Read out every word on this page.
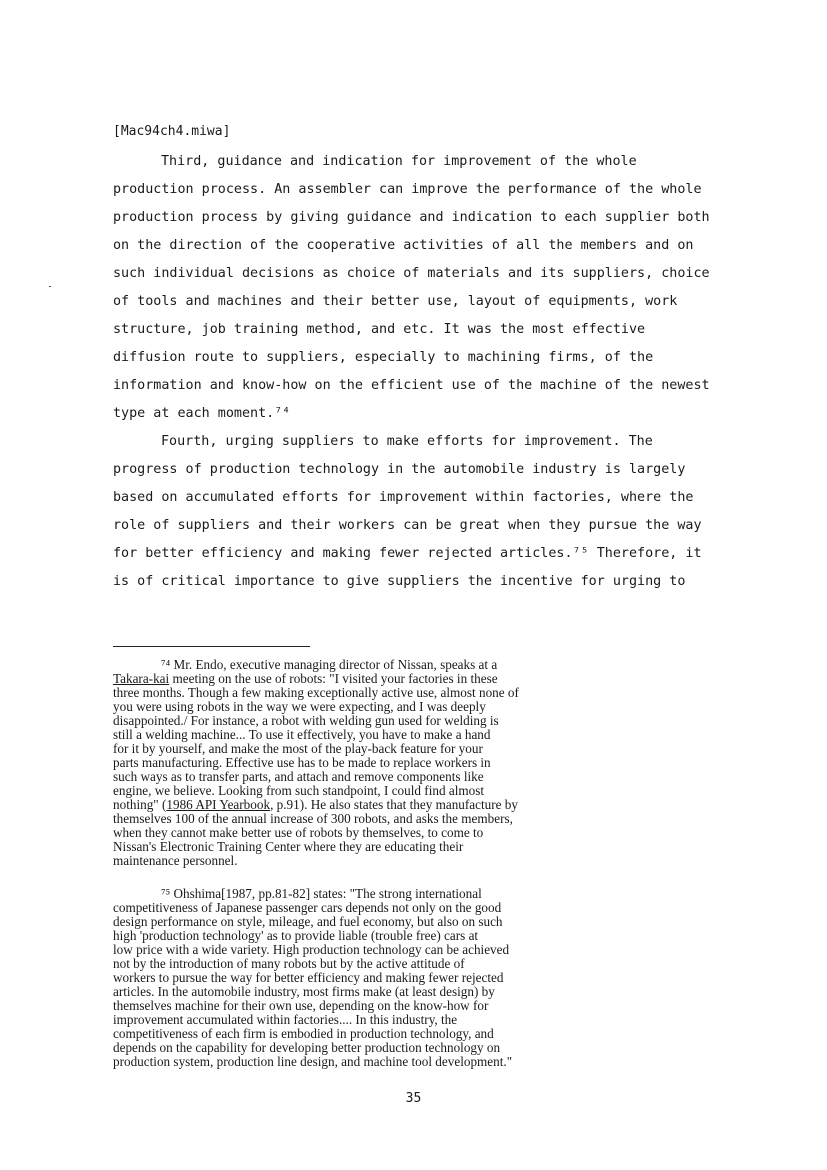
[Mac94ch4.miwa]
Third, guidance and indication for improvement of the whole
production process. An assembler can improve the performance of the whole
production process by giving guidance and indication to each supplier both
on the direction of the cooperative activities of all the members and on
such individual decisions as choice of materials and its suppliers, choice
of tools and machines and their better use, layout of equipments, work
structure, job training method, and etc. It was the most effective
diffusion route to suppliers, especially to machining firms, of the
information and know-how on the efficient use of the machine of the newest
type at each moment.⁷⁴
Fourth, urging suppliers to make efforts for improvement. The
progress of production technology in the automobile industry is largely
based on accumulated efforts for improvement within factories, where the
role of suppliers and their workers can be great when they pursue the way
for better efficiency and making fewer rejected articles.⁷⁵ Therefore, it
is of critical importance to give suppliers the incentive for urging to
⁷⁴ Mr. Endo, executive managing director of Nissan, speaks at a
Takara-kai meeting on the use of robots: "I visited your factories in these
three months. Though a few making exceptionally active use, almost none of
you were using robots in the way we were expecting, and I was deeply
disappointed./ For instance, a robot with welding gun used for welding is
still a welding machine... To use it effectively, you have to make a hand
for it by yourself, and make the most of the play-back feature for your
parts manufacturing. Effective use has to be made to replace workers in
such ways as to transfer parts, and attach and remove components like
engine, we believe. Looking from such standpoint, I could find almost
nothing" (1986 API Yearbook, p.91). He also states that they manufacture by
themselves 100 of the annual increase of 300 robots, and asks the members,
when they cannot make better use of robots by themselves, to come to
Nissan's Electronic Training Center where they are educating their
maintenance personnel.
⁷⁵ Ohshima[1987, pp.81-82] states: "The strong international
competitiveness of Japanese passenger cars depends not only on the good
design performance on style, mileage, and fuel economy, but also on such
high 'production technology' as to provide liable (trouble free) cars at
low price with a wide variety. High production technology can be achieved
not by the introduction of many robots but by the active attitude of
workers to pursue the way for better efficiency and making fewer rejected
articles. In the automobile industry, most firms make (at least design) by
themselves machine for their own use, depending on the know-how for
improvement accumulated within factories.... In this industry, the
competitiveness of each firm is embodied in production technology, and
depends on the capability for developing better production technology on
production system, production line design, and machine tool development."
35
